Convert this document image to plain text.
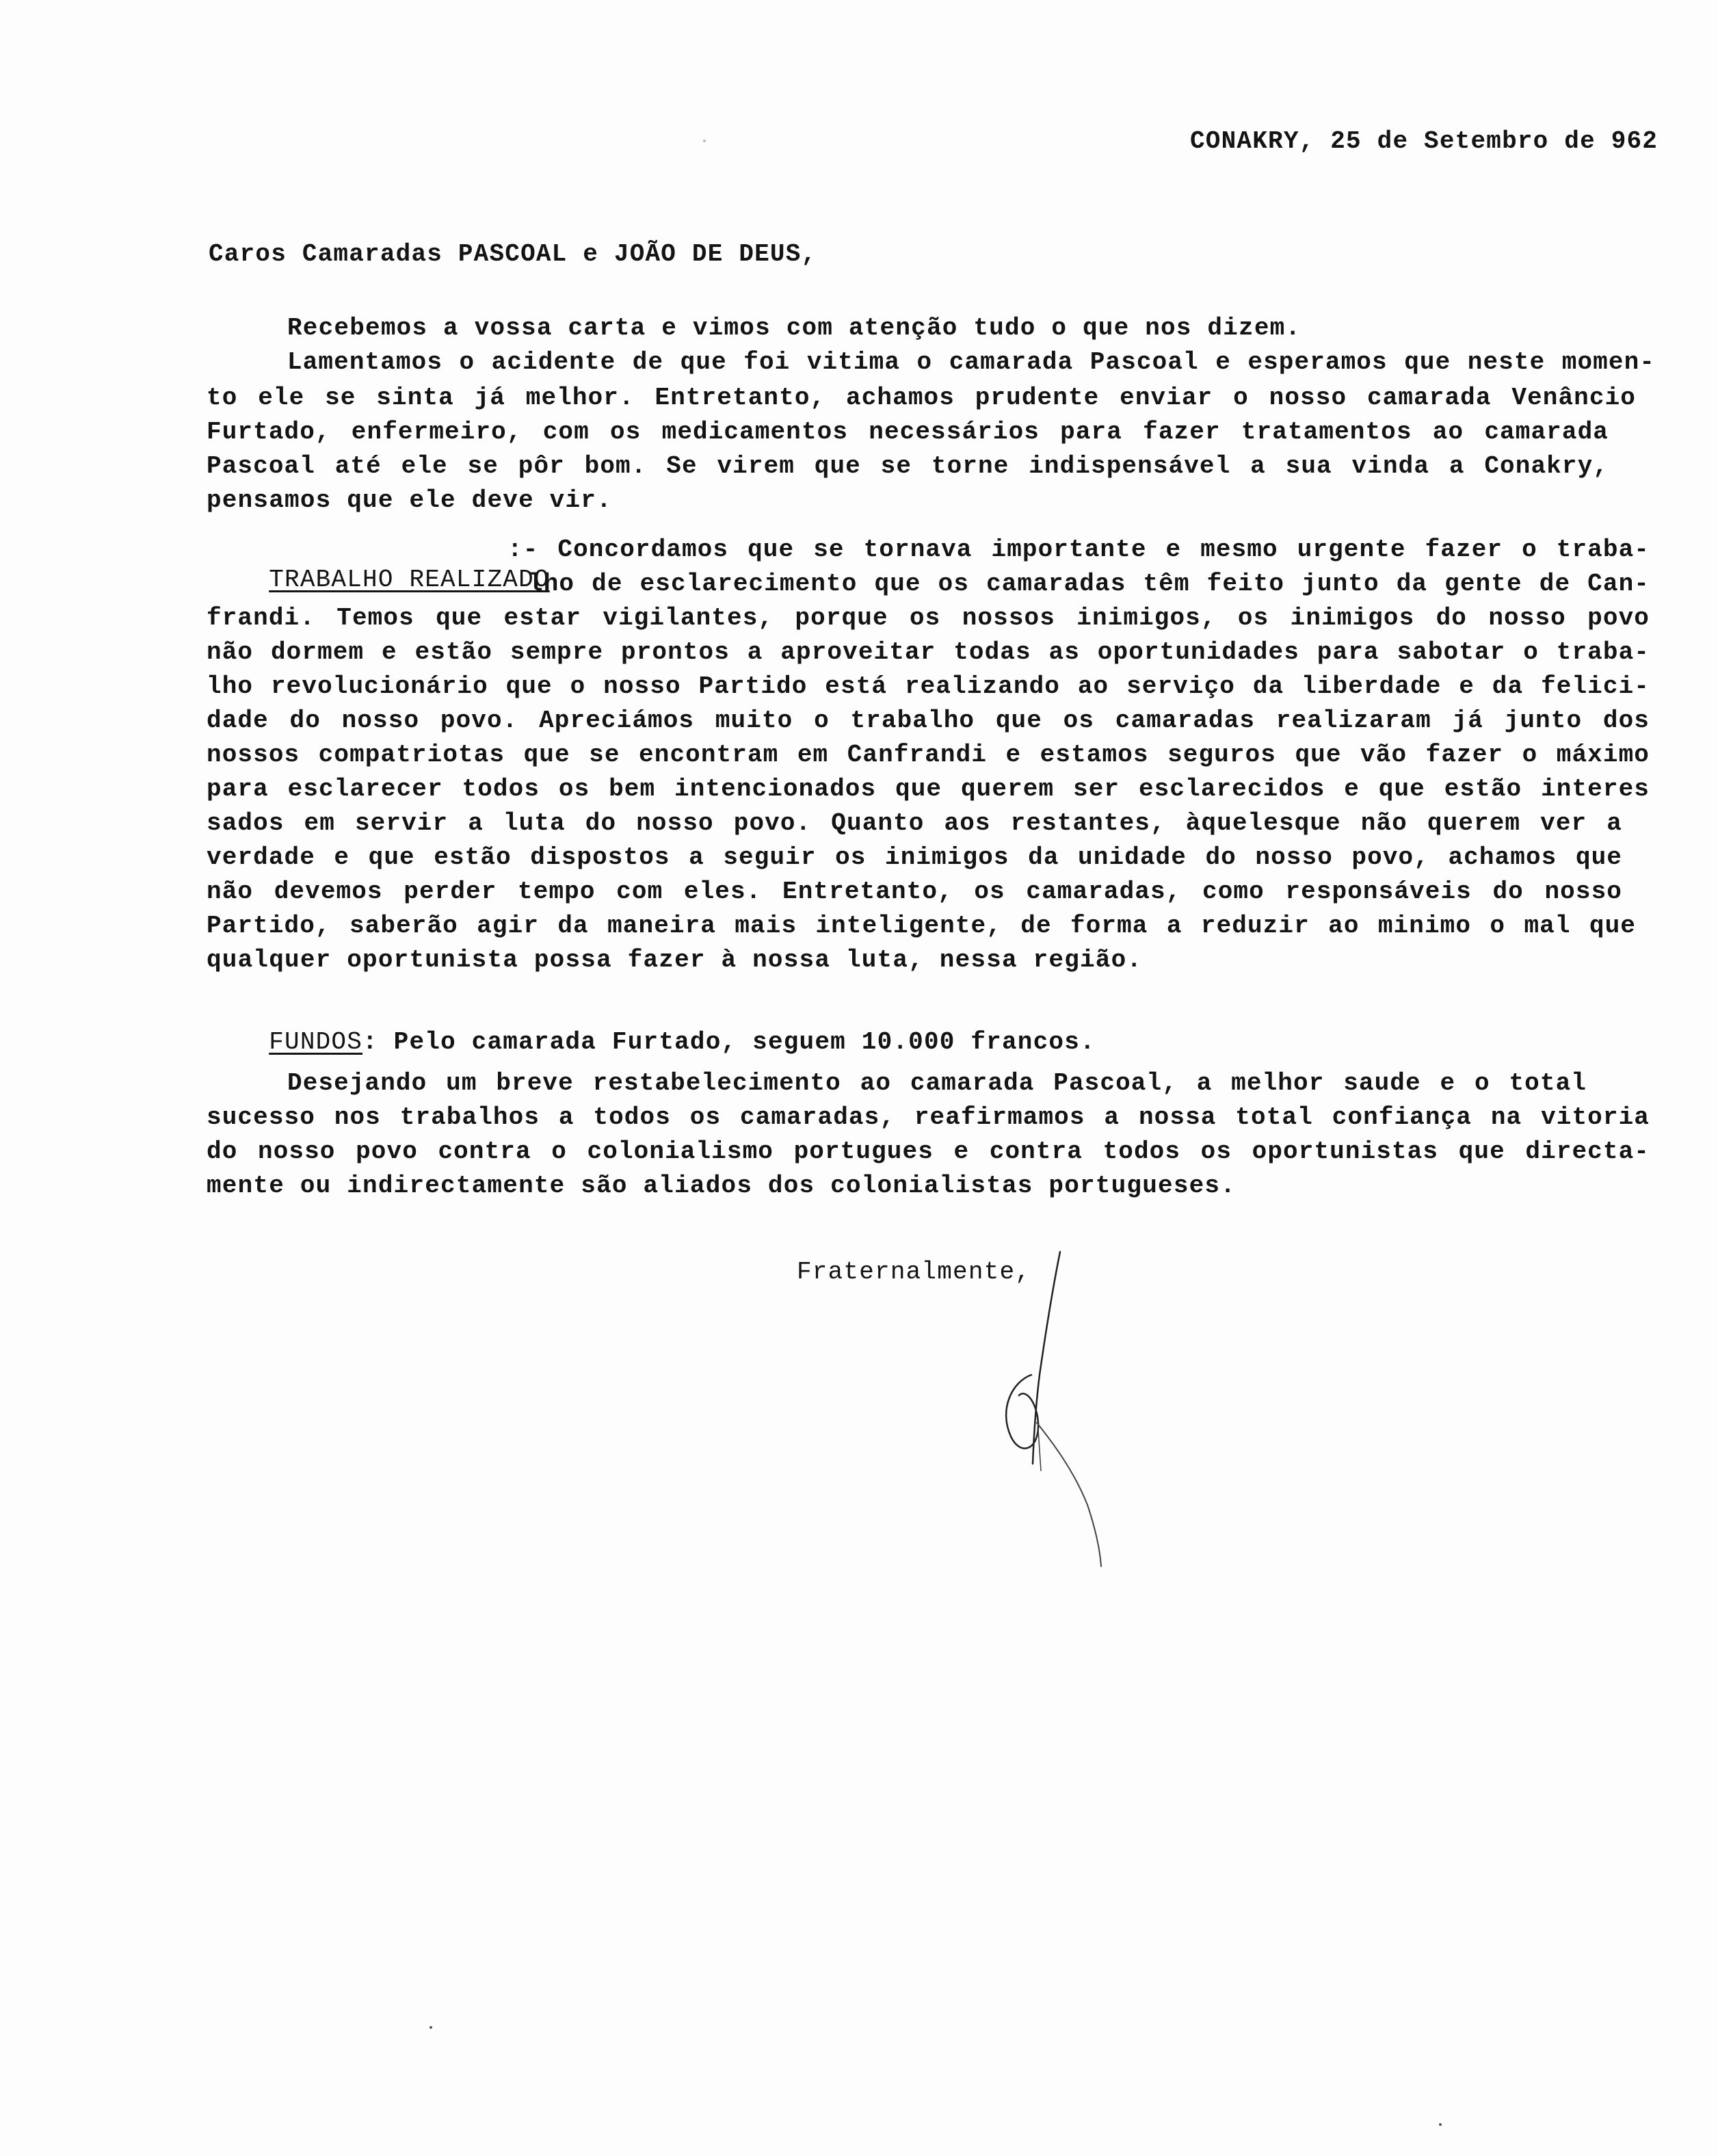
CONAKRY, 25 de Setembro de 962
Caros Camaradas PASCOAL e JOÃO DE DEUS,
Recebemos a vossa carta e vimos com atenção tudo o que nos dizem.
Lamentamos o acidente de que foi vitima o camarada Pascoal e esperamos que neste momen-
to ele se sinta já melhor. Entretanto, achamos prudente enviar o nosso camarada Venâncio
Furtado, enfermeiro, com os medicamentos necessários para fazer tratamentos ao camarada
Pascoal até ele se pôr bom. Se virem que se torne indispensável a sua vinda a Conakry,
pensamos que ele deve vir.

TRABALHO REALIZADO

:- Concordamos que se tornava importante e mesmo urgente fazer o traba-
lho de esclarecimento que os camaradas têm feito junto da gente de Can-
frandi. Temos que estar vigilantes, porque os nossos inimigos, os inimigos do nosso povo
não dormem e estão sempre prontos a aproveitar todas as oportunidades para sabotar o traba-
lho revolucionário que o nosso Partido está realizando ao serviço da liberdade e da felici-
dade do nosso povo. Apreciámos muito o trabalho que os camaradas realizaram já junto dos
nossos compatriotas que se encontram em Canfrandi e estamos seguros que vão fazer o máximo
para esclarecer todos os bem intencionados que querem ser esclarecidos e que estão interes
sados em servir a luta do nosso povo. Quanto aos restantes, àquelesque não querem ver a
verdade e que estão dispostos a seguir os inimigos da unidade do nosso povo, achamos que
não devemos perder tempo com eles. Entretanto, os camaradas, como responsáveis do nosso
Partido, saberão agir da maneira mais inteligente, de forma a reduzir ao minimo o mal que
qualquer oportunista possa fazer à nossa luta, nessa região.

FUNDOS: Pelo camarada Furtado, seguem 10.000 francos.

Desejando um breve restabelecimento ao camarada Pascoal, a melhor saude e o total
sucesso nos trabalhos a todos os camaradas, reafirmamos a nossa total confiança na vitoria
do nosso povo contra o colonialismo portugues e contra todos os oportunistas que directa-
mente ou indirectamente são aliados dos colonialistas portugueses.
Fraternalmente,
